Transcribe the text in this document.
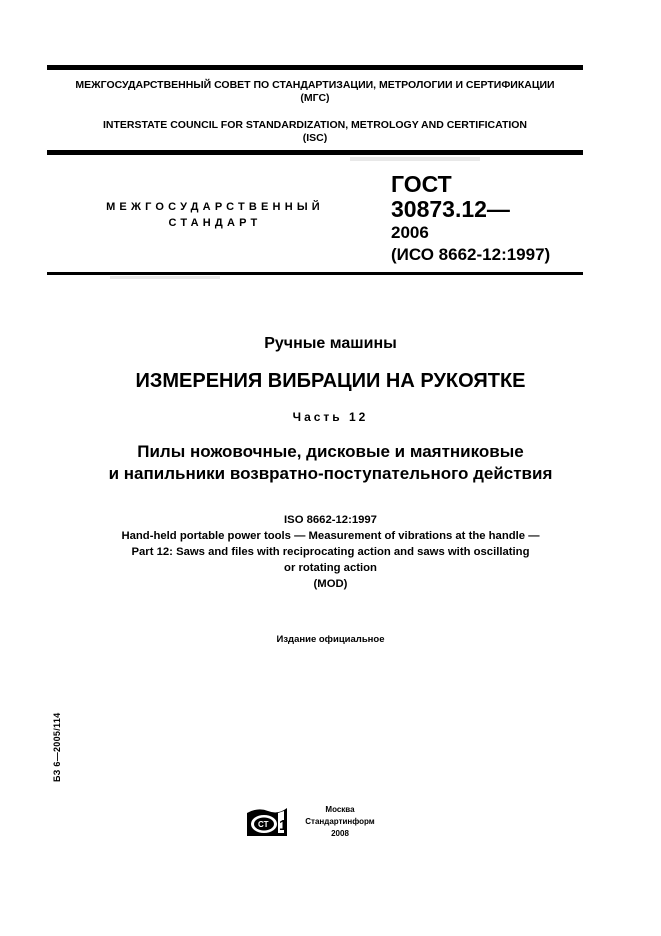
МЕЖГОСУДАРСТВЕННЫЙ СОВЕТ ПО СТАНДАРТИЗАЦИИ, МЕТРОЛОГИИ И СЕРТИФИКАЦИИ
(МГС)
INTERSTATE COUNCIL FOR STANDARDIZATION, METROLOGY AND CERTIFICATION
(ISC)
МЕЖГОСУДАРСТВЕННЫЙ
СТАНДАРТ
ГОСТ
30873.12—
2006
(ИСО 8662-12:1997)
Ручные машины
ИЗМЕРЕНИЯ ВИБРАЦИИ НА РУКОЯТКЕ
Часть 12
Пилы ножовочные, дисковые и маятниковые
и напильники возвратно-поступательного действия
ISO 8662-12:1997
Hand-held portable power tools — Measurement of vibrations at the handle —
Part 12: Saws and files with reciprocating action and saws with oscillating
or rotating action
(MOD)
Издание официальное
БЗ 6—2005/114
СТ 1
Москва
Стандартинформ
2008
